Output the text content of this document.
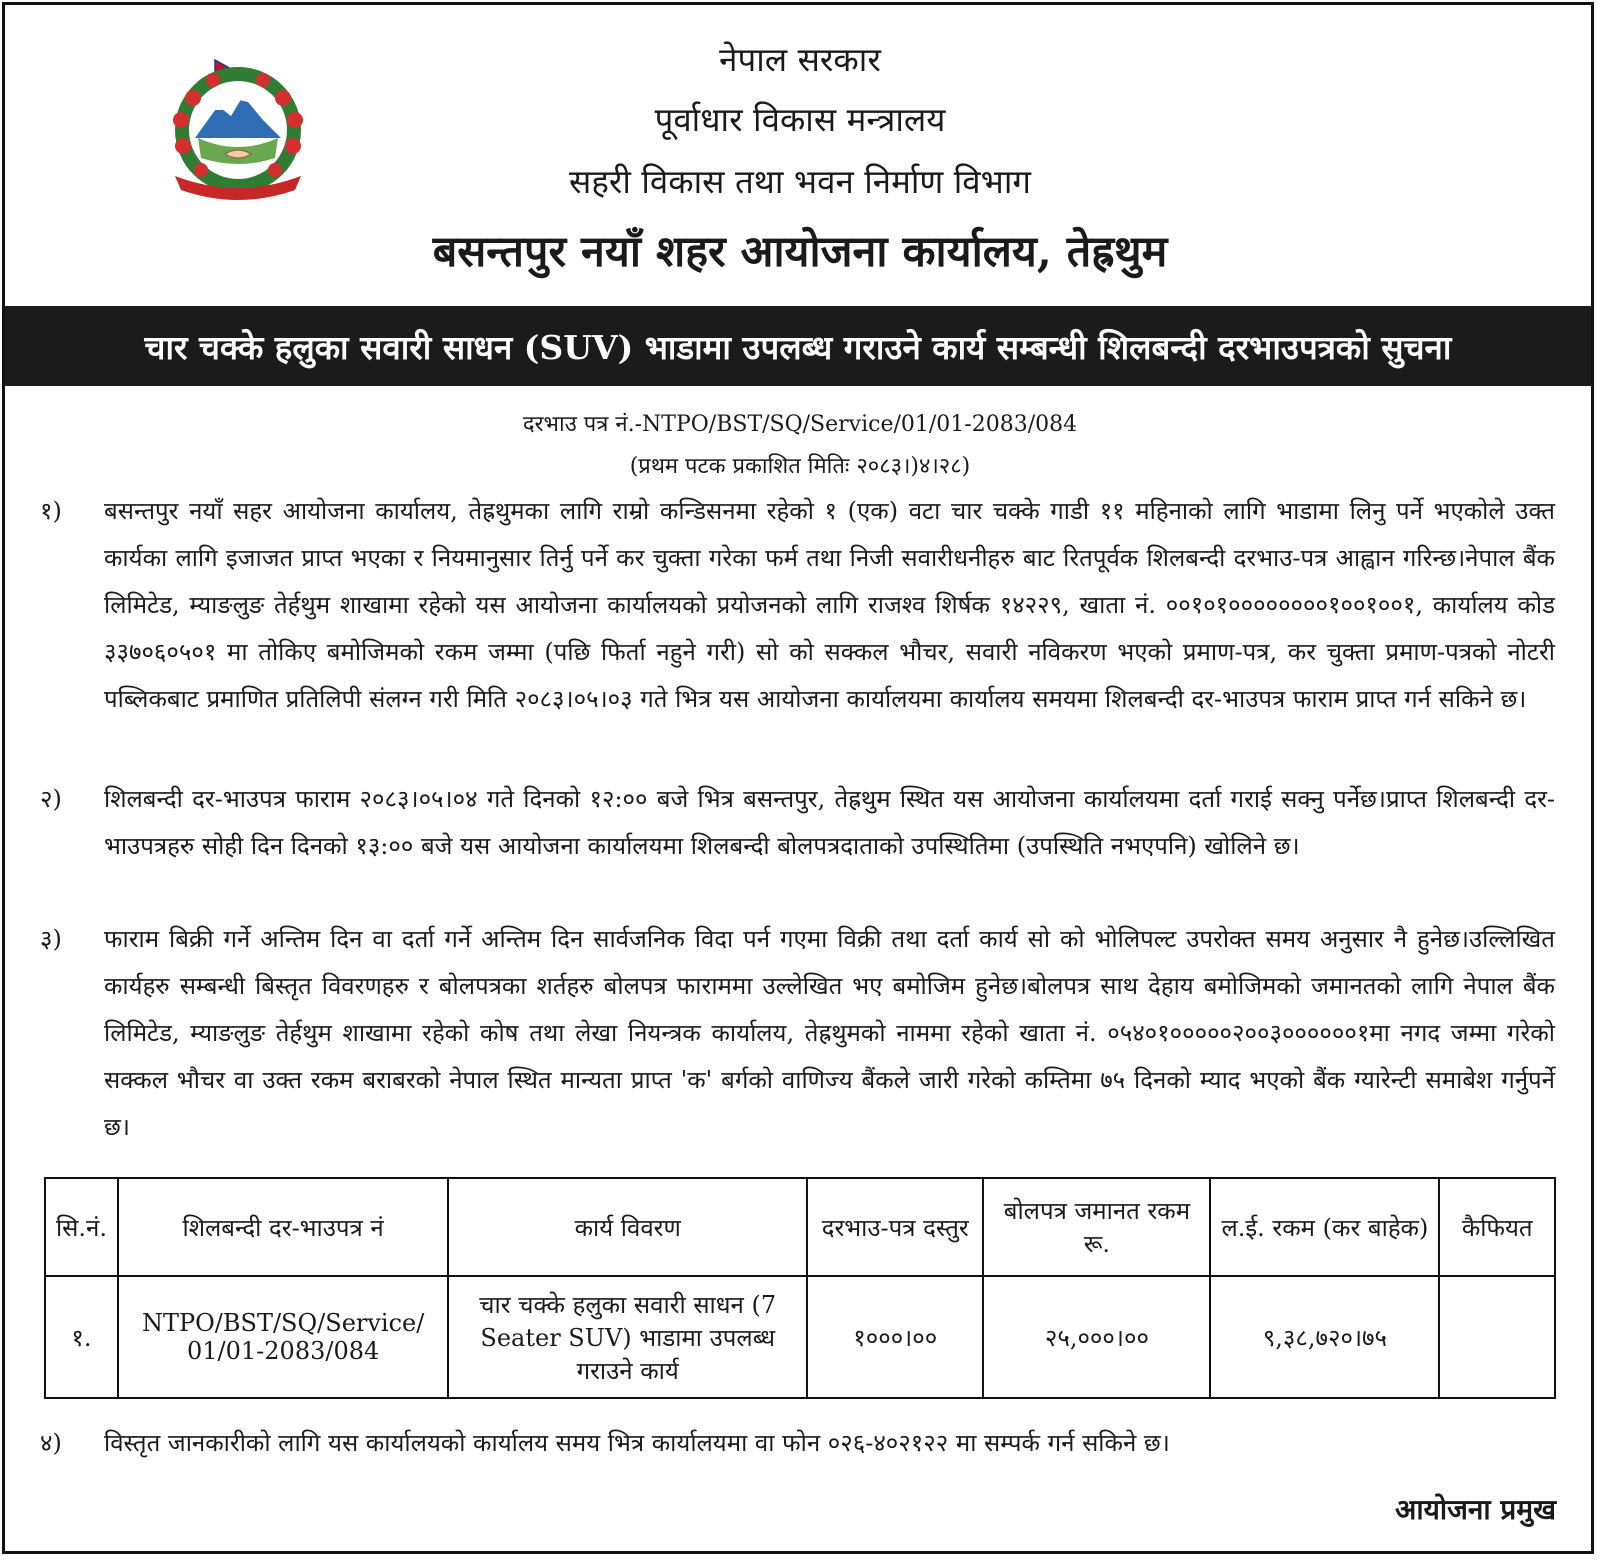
नेपाल सरकार
पूर्वाधार विकास मन्त्रालय
सहरी विकास तथा भवन निर्माण विभाग
बसन्तपुर नयाँ शहर आयोजना कार्यालय, तेह्रथुम
चार चक्के हलुका सवारी साधन (SUV) भाडामा उपलब्ध गराउने कार्य सम्बन्धी शिलबन्दी दरभाउपत्रको सुचना
दरभाउ पत्र नं.-NTPO/BST/SQ/Service/01/01-2083/084
(प्रथम पटक प्रकाशित मितिः २०८३।)४।२८)
१)	बसन्तपुर नयाँ सहर आयोजना कार्यालय, तेह्रथुमका लागि राम्रो कन्डिसनमा रहेको १ (एक) वटा चार चक्के गाडी ११ महिनाको लागि भाडामा लिनु पर्ने भएकोले उक्त कार्यका लागि इजाजत प्राप्त भएका र नियमानुसार तिर्नु पर्ने कर चुक्ता गरेका फर्म तथा निजी सवारीधनीहरु बाट रितपूर्वक शिलबन्दी दरभाउ-पत्र आह्वान गरिन्छ।नेपाल बैंक लिमिटेड, म्याङलुङ तेर्हथुम शाखामा रहेको यस आयोजना कार्यालयको प्रयोजनको लागि राजश्व शिर्षक १४२२९, खाता नं. ००१०१००००००००१००१००१, कार्यालय कोड ३३७०६०५०१ मा तोकिए बमोजिमको रकम जम्मा (पछि फिर्ता नहुने गरी) सो को सक्कल भौचर, सवारी नविकरण भएको प्रमाण-पत्र, कर चुक्ता प्रमाण-पत्रको नोटरी पब्लिकबाट प्रमाणित प्रतिलिपी संलग्न गरी मिति २०८३।०५।०३ गते भित्र यस आयोजना कार्यालयमा कार्यालय समयमा शिलबन्दी दर-भाउपत्र फाराम प्राप्त गर्न सकिने छ।
२)	शिलबन्दी दर-भाउपत्र फाराम २०८३।०५।०४ गते दिनको १२:०० बजे भित्र बसन्तपुर, तेह्रथुम स्थित यस आयोजना कार्यालयमा दर्ता गराई सक्नु पर्नेछ।प्राप्त शिलबन्दी दर-भाउपत्रहरु सोही दिन दिनको १३:०० बजे यस आयोजना कार्यालयमा शिलबन्दी बोलपत्रदाताको उपस्थितिमा (उपस्थिति नभएपनि) खोलिने छ।
३)	फाराम बिक्री गर्ने अन्तिम दिन वा दर्ता गर्ने अन्तिम दिन सार्वजनिक विदा पर्न गएमा विक्री तथा दर्ता कार्य सो को भोलिपल्ट उपरोक्त समय अनुसार नै हुनेछ।उल्लिखित कार्यहरु सम्बन्धी बिस्तृत विवरणहरु र बोलपत्रका शर्तहरु बोलपत्र फाराममा उल्लेखित भए बमोजिम हुनेछ।बोलपत्र साथ देहाय बमोजिमको जमानतको लागि नेपाल बैंक लिमिटेड, म्याङलुङ तेर्हथुम शाखामा रहेको कोष तथा लेखा नियन्त्रक कार्यालय, तेह्रथुमको नाममा रहेको खाता नं. ०५४०१०००००२००३००००००१मा नगद जम्मा गरेको सक्कल भौचर वा उक्त रकम बराबरको नेपाल स्थित मान्यता प्राप्त 'क' बर्गको वाणिज्य बैंकले जारी गरेको कम्तिमा ७५ दिनको म्याद भएको बैंक ग्यारेन्टी समाबेश गर्नुपर्ने छ।
सि.नं.	शिलबन्दी दर-भाउपत्र नं	कार्य विवरण	दरभाउ-पत्र दस्तुर	बोलपत्र जमानत रकम रू.	ल.ई. रकम (कर बाहेक)	कैफियत
१.	NTPO/BST/SQ/Service/ 01/01-2083/084	चार चक्के हलुका सवारी साधन (7 Seater SUV) भाडामा उपलब्ध गराउने कार्य	१०००।००	२५,०००।००	९,३८,७२०।७५	
४)	विस्तृत जानकारीको लागि यस कार्यालयको कार्यालय समय भित्र कार्यालयमा वा फोन ०२६-४०२१२२ मा सम्पर्क गर्न सकिने छ।
आयोजना प्रमुख
